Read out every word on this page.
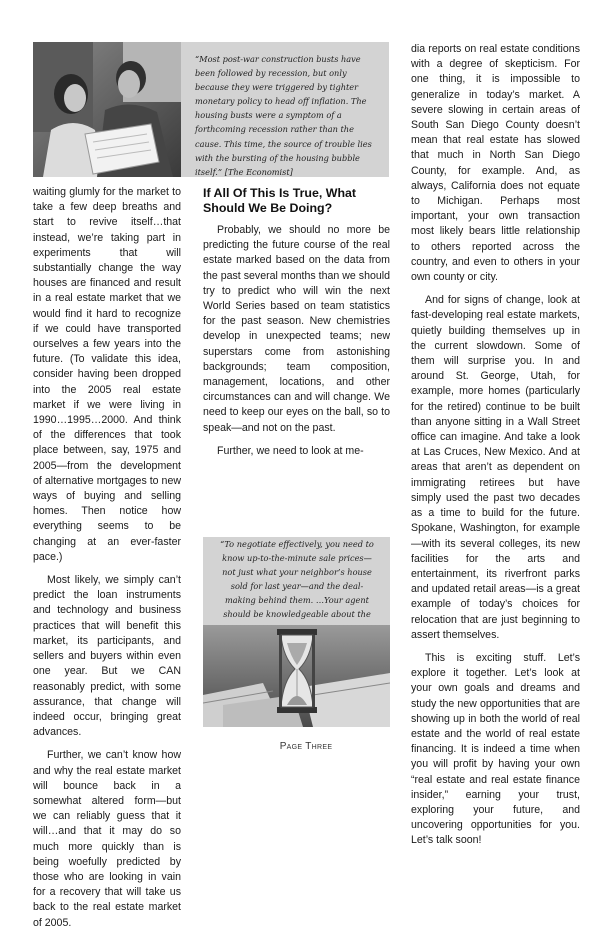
“Most post-war construction busts have been followed by recession, but only because they were triggered by tighter monetary policy to head off inflation. The housing busts were a symptom of a forthcoming recession rather than the cause. This time, the source of trouble lies with the bursting of the housing bubble itself.” [The Economist]

waiting glumly for the market to take a few deep breaths and start to revive itself…that instead, we’re taking part in experiments that will substantially change the way houses are financed and result in a real estate market that we would find it hard to recognize if we could have transported ourselves a few years into the future. (To validate this idea, consider having been dropped into the 2005 real estate market if we were living in 1990…1995…2000. And think of the differences that took place between, say, 1975 and 2005—from the development of alternative mortgages to new ways of buying and selling homes. Then notice how everything seems to be changing at an ever-faster pace.)

Most likely, we simply can’t predict the loan instruments and technology and business practices that will benefit this market, its participants, and sellers and buyers within even one year. But we CAN reasonably predict, with some assurance, that change will indeed occur, bringing great advances.

Further, we can’t know how and why the real estate market will bounce back in a somewhat altered form—but we can reliably guess that it will…and that it may do so much more quickly than is being woefully predicted by those who are looking in vain for a recovery that will take us back to the real estate market of 2005.

If All Of This Is True, What Should We Be Doing?

Probably, we should no more be predicting the future course of the real estate marked based on the data from the past several months than we should try to predict who will win the next World Series based on team statistics for the past season. New chemistries develop in unexpected teams; new superstars come from astonishing backgrounds; team composition, management, locations, and other circumstances can and will change. We need to keep our eyes on the ball, so to speak—and not on the past.

Further, we need to look at me-

“To negotiate effectively, you need to know up-to-the-minute sale prices—not just what your neighbor’s house sold for last year—and the deal-making behind them. …Your agent should be knowledgeable about the

dia reports on real estate conditions with a degree of skepticism. For one thing, it is impossible to generalize in today’s market. A severe slowing in certain areas of South San Diego County doesn’t mean that real estate has slowed that much in North San Diego County, for example. And, as always, California does not equate to Michigan. Perhaps most important, your own transaction most likely bears little relationship to others reported across the country, and even to others in your own county or city.

And for signs of change, look at fast-developing real estate markets, quietly building themselves up in the current slowdown. Some of them will surprise you. In and around St. George, Utah, for example, more homes (particularly for the retired) continue to be built than anyone sitting in a Wall Street office can imagine. And take a look at Las Cruces, New Mexico. And at areas that aren’t as dependent on immigrating retirees but have simply used the past two decades as a time to build for the future. Spokane, Washington, for example—with its several colleges, its new facilities for the arts and entertainment, its riverfront parks and updated retail areas—is a great example of today’s choices for relocation that are just beginning to assert themselves.

This is exciting stuff. Let’s explore it together. Let’s look at your own goals and dreams and study the new opportunities that are showing up in both the world of real estate and the world of real estate financing. It is indeed a time when you will profit by having your own “real estate and real estate finance insider,” earning your trust, exploring your future, and uncovering opportunities for you. Let’s talk soon!

Page Three
